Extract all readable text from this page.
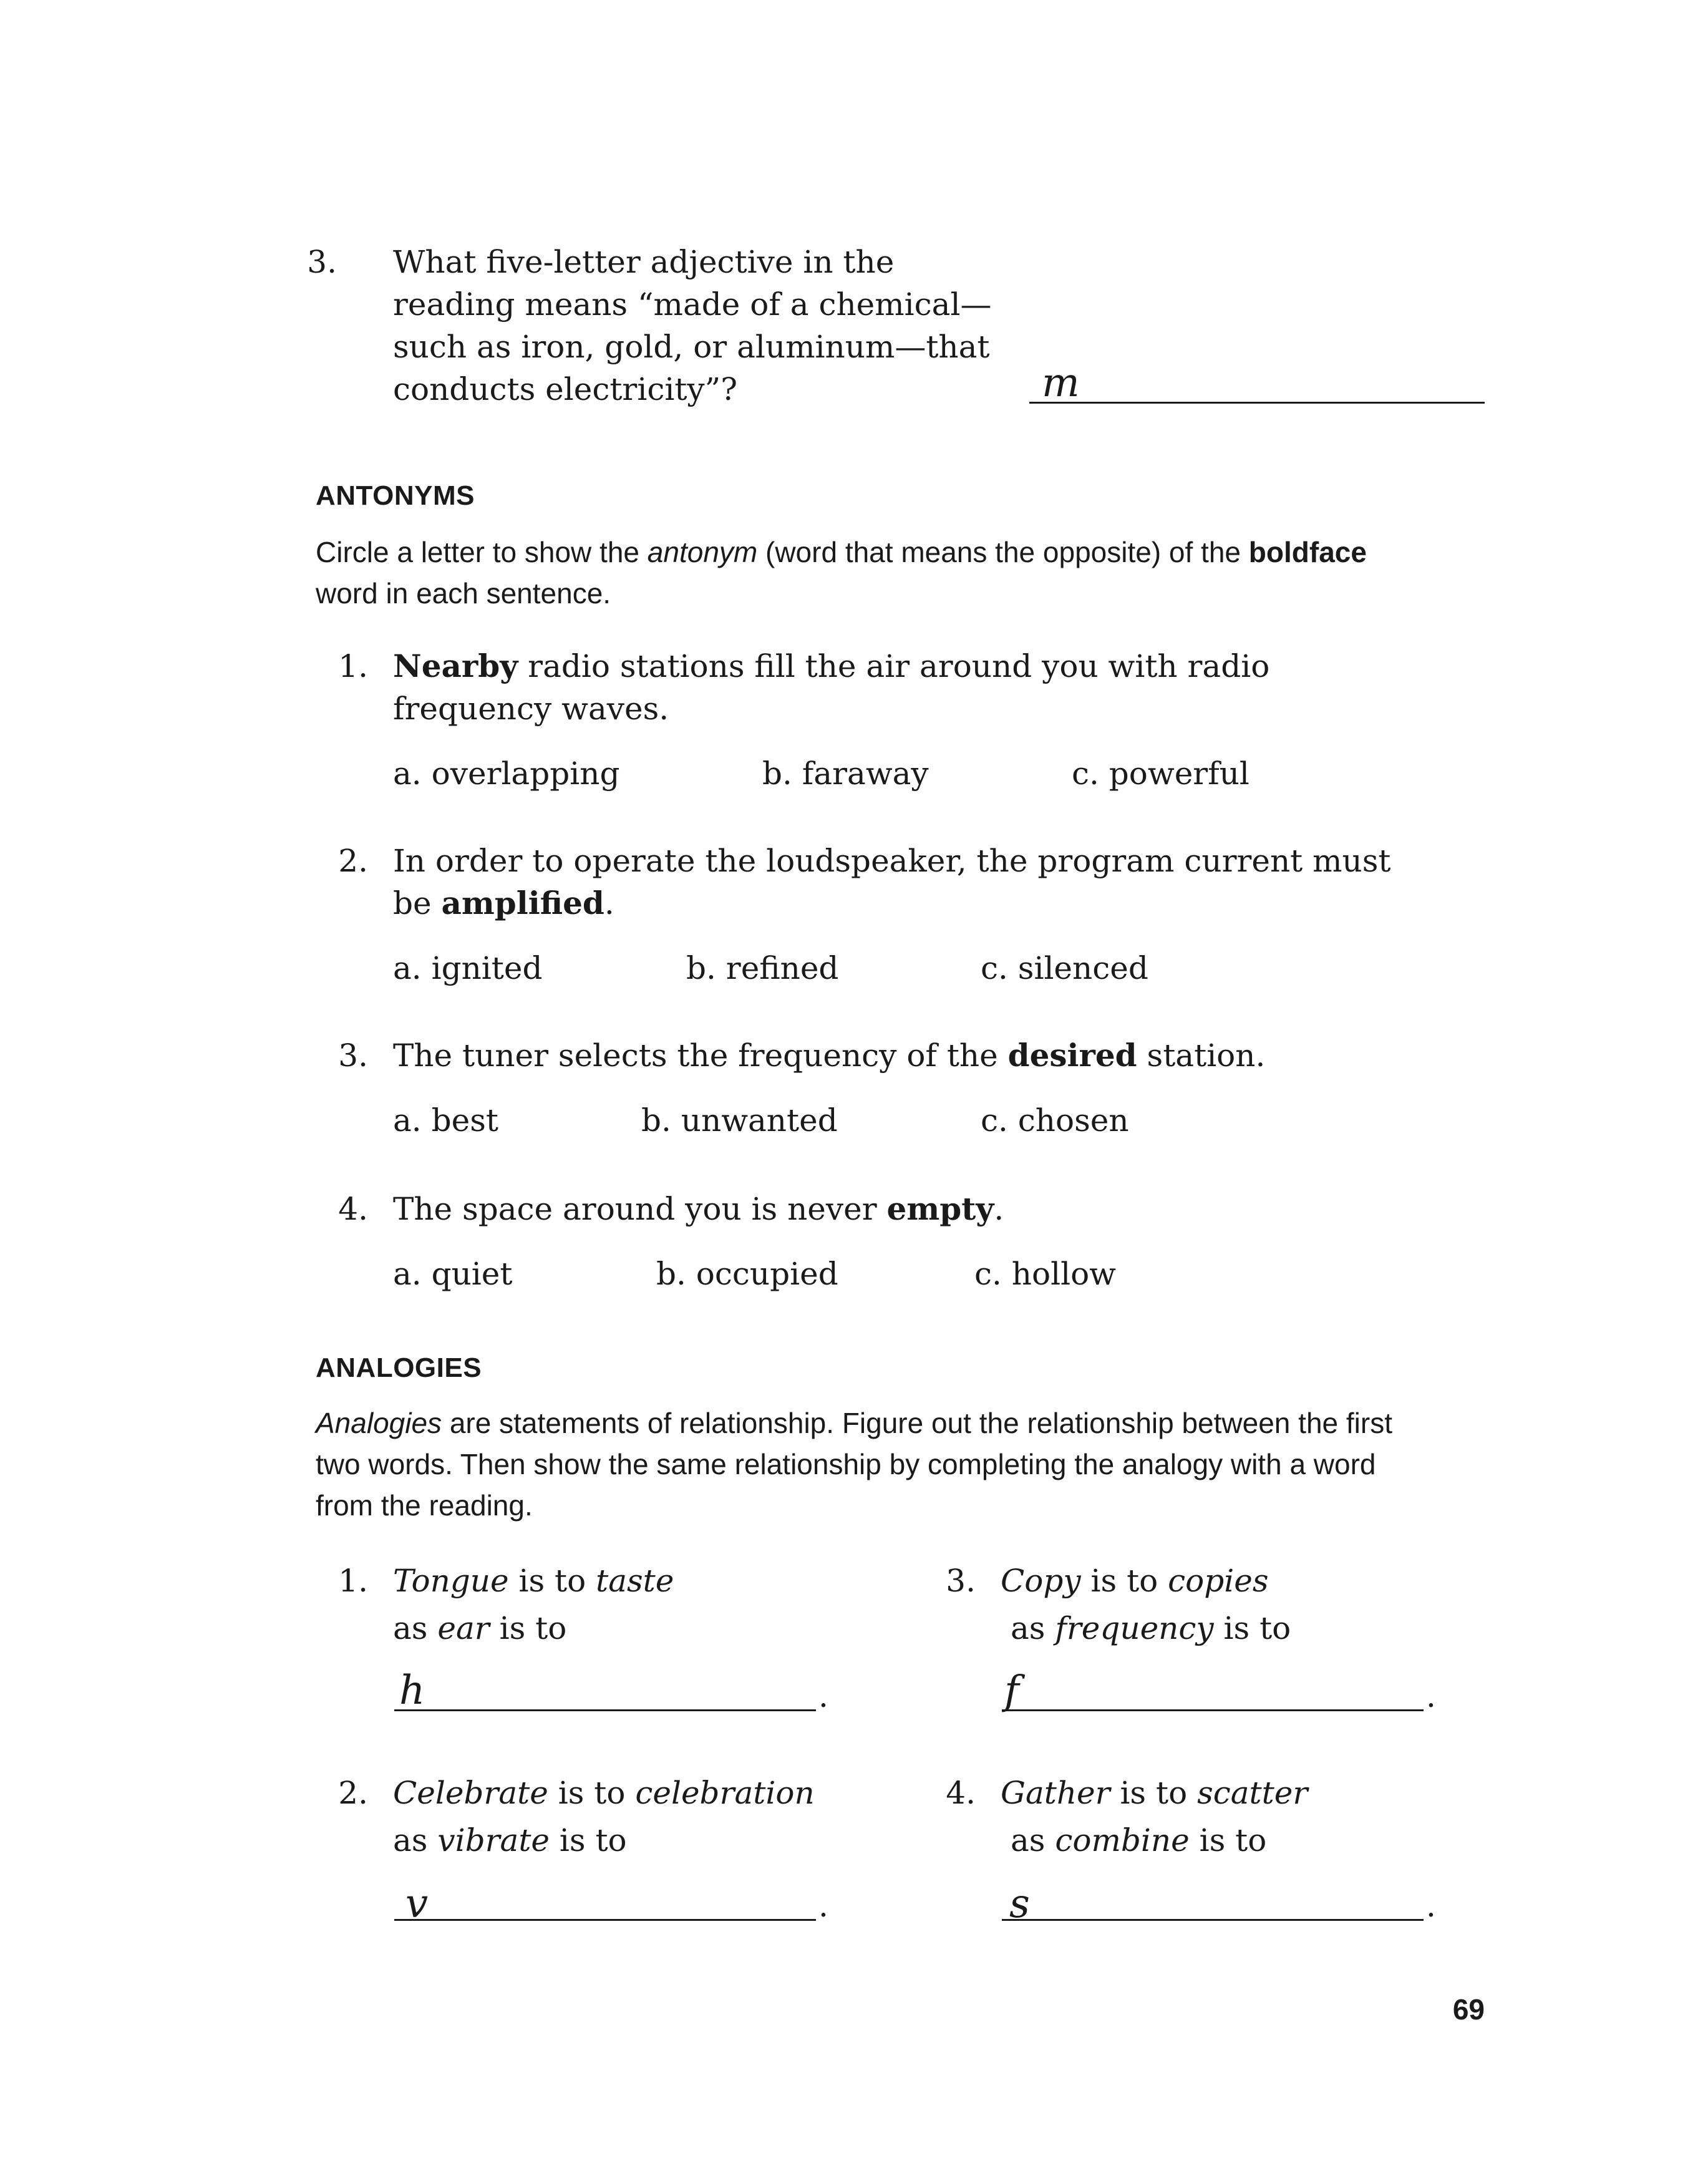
3. What five-letter adjective in the
reading means “made of a chemical—
such as iron, gold, or aluminum—that
conducts electricity”?	m
ANTONYMS
Circle a letter to show the antonym (word that means the opposite) of the boldface
word in each sentence.
1. Nearby radio stations fill the air around you with radio
frequency waves.
a. overlapping	b. faraway	c. powerful
2. In order to operate the loudspeaker, the program current must
be amplified.
a. ignited	b. refined	c. silenced
3. The tuner selects the frequency of the desired station.
a. best	b. unwanted	c. chosen
4. The space around you is never empty.
a. quiet	b. occupied	c. hollow
ANALOGIES
Analogies are statements of relationship. Figure out the relationship between the first
two words. Then show the same relationship by completing the analogy with a word
from the reading.
1. Tongue is to taste
as ear is to
h	.
2. Celebrate is to celebration
as vibrate is to
v	.
3. Copy is to copies
as frequency is to
f	.
4. Gather is to scatter
as combine is to
s	.
69
